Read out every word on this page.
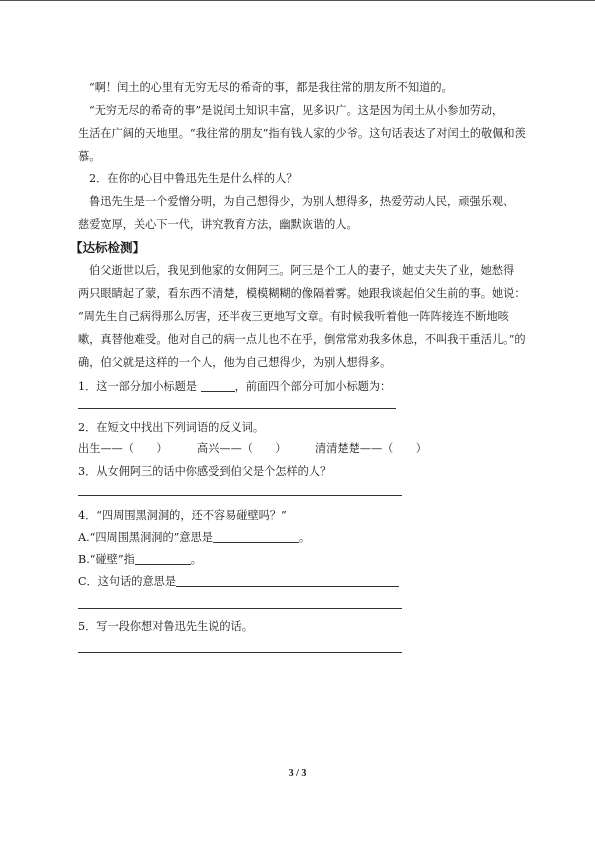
“啊！闰土的心里有无穷无尽的希奇的事，都是我往常的朋友所不知道的。
“无穷无尽的希奇的事”是说闰土知识丰富，见多识广。这是因为闰土从小参加劳动，
生活在广阔的天地里。“我往常的朋友”指有钱人家的少爷。这句话表达了对闰土的敬佩和羡
慕。
2．在你的心目中鲁迅先生是什么样的人？
鲁迅先生是一个爱憎分明，为自己想得少，为别人想得多，热爱劳动人民，顽强乐观、
慈爱宽厚，关心下一代，讲究教育方法，幽默诙谐的人。
【达标检测】
伯父逝世以后，我见到他家的女佣阿三。阿三是个工人的妻子，她丈夫失了业，她愁得
两只眼睛起了蒙，看东西不清楚，模模糊糊的像隔着雾。她跟我谈起伯父生前的事。她说：
“周先生自己病得那么厉害，还半夜三更地写文章。有时候我听着他一阵阵接连不断地咳
嗽，真替他难受。他对自己的病一点儿也不在乎，倒常常劝我多休息，不叫我干重活儿。”的
确，伯父就是这样的一个人，他为自己想得少，为别人想得多。
1．这一部分加小标题是	，前面四个部分可加小标题为：
2．在短文中找出下列词语的反义词。
出生——（　　）	高兴——（　　）	清清楚楚——（　　）
3．从女佣阿三的话中你感受到伯父是个怎样的人？
4．“四周围黑洞洞的，还不容易碰壁吗？”
A.“四周围黑洞洞的”意思是	。
B.“碰壁”指	。
C．这句话的意思是
5．写一段你想对鲁迅先生说的话。
3 / 3
